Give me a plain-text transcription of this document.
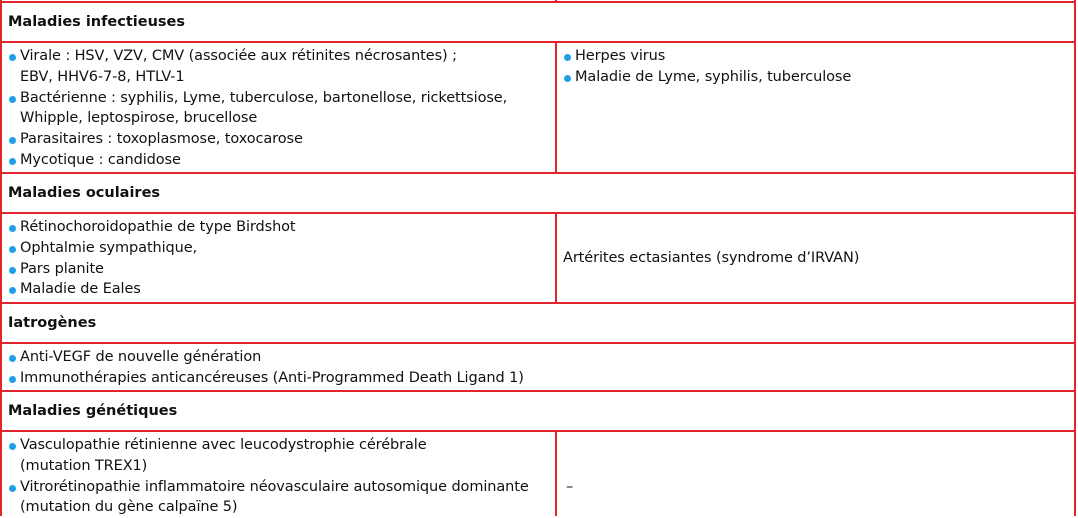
Maladies infectieuses
Virale : HSV, VZV, CMV (associée aux rétinites nécrosantes) ;
EBV, HHV6-7-8, HTLV-1
Bactérienne : syphilis, Lyme, tuberculose, bartonellose, rickettsiose,
Whipple, leptospirose, brucellose
Parasitaires : toxoplasmose, toxocarose
Mycotique : candidose
Herpes virus
Maladie de Lyme, syphilis, tuberculose
Maladies oculaires
Rétinochoroidopathie de type Birdshot
Ophtalmie sympathique,
Pars planite
Maladie de Eales
Artérites ectasiantes (syndrome d’IRVAN)
Iatrogènes
Anti-VEGF de nouvelle génération
Immunothérapies anticancéreuses (Anti-Programmed Death Ligand 1)
Maladies génétiques
Vasculopathie rétinienne avec leucodystrophie cérébrale
(mutation TREX1)
Vitrorétinopathie inflammatoire néovasculaire autosomique dominante
(mutation du gène calpaïne 5)
–
